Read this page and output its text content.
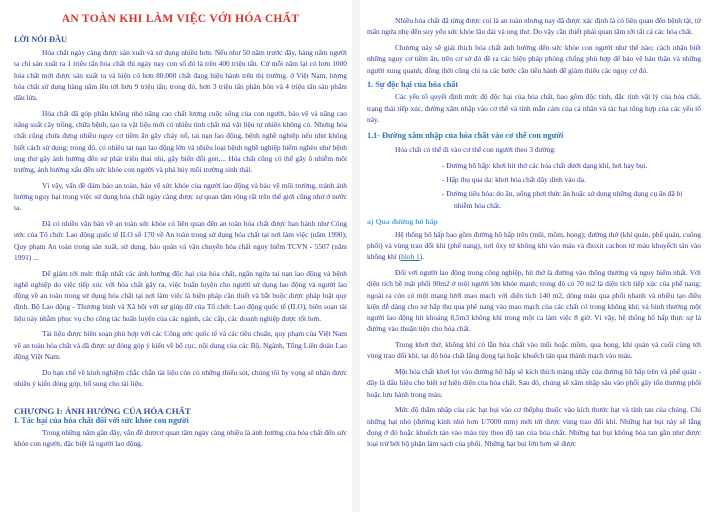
AN TOÀN KHI LÀM VIỆC VỚI HÓA CHẤT
LỜI NÓI ĐẦU

Hóa chất ngày càng được sản xuất và sử dụng nhiều hơn. Nếu như 50 năm trước đây, hàng năm người ta chỉ sản xuất ra 1 triệu tấn hóa chất thì ngày nay con số đó là trên 400 triệu tấn. Cứ mỗi năm lại có hơn 1000 hóa chất mới được sản xuất ra và hiện có hơn 80.000 chất đang hiện hành trên thị trường. ở Việt Nam, lượng hóa chất sử dụng hàng năm lên tới hơn 9 triệu tấn; trong đó, hơn 3 triệu tấn phân bón và 4 triệu tấn sản phẩm dầu lửa.

Hóa chất đã góp phần không nhỏ nâng cao chất lượng cuộc sống của con người, bảo vệ và nâng cao năng suất cây trồng, chữa bệnh, tạo ra vật liệu mới có nhiều tính chất mà vật liệu tự nhiên không có. Nhưng hóa chất cũng chứa đựng nhiều nguy cơ tiềm ẩn gây cháy nổ, tai nạn lao động, bệnh nghề nghiệp nếu như không biết cách sử dụng; trong đó, có nhiều tai nạn lao động lớn và nhiều loại bệnh nghề nghiệp hiểm nghèo như bệnh ung thư gây ảnh hưởng đến sự phát triển thai nhi, gây biến đổi gen,... Hóa chất cũng có thể gây ô nhiễm môi trường, ảnh hưởng xấu đến sức khỏe con người và phá hủy môi trường sinh thái.

Vì vậy, vấn đề đảm bảo an toàn, bảo vệ sức khỏe của người lao động và bảo vệ môi trường, tránh ảnh hưởng nguy hại trong việc sử dụng hóa chất ngày càng được sự quan tâm rộng rãi trên thế giới cũng như ở nước ta.

Đã có nhiều văn bản về an toàn sức khỏe có liên quan đến an toàn hóa chất được ban hành như Công ước của Tổ chức Lao động quốc tế ILO số 170 về An toàn trong sử dụng hóa chất tại nơi làm việc (năm 1990); Quy phạm An toàn trong sản xuất, sử dụng, bảo quản và vận chuyển hóa chất nguy hiểm TCVN - 5507 (năm 1991) ...

Để giảm tới mức thấp nhất các ảnh hưởng độc hại của hóa chất, ngăn ngừa tai nạn lao động và bệnh nghề nghiệp do việc tiếp xúc với hóa chất gây ra, việc huấn luyện cho người sử dụng lao động và người lao động về an toàn trong sử dụng hóa chất tại nơi làm việc là biện pháp cần thiết và bắt buộc được pháp luật quy định. Bộ Lao động - Thương binh và Xã hội với sự giúp đỡ của Tổ chức Lao động quốc tế (ILO), biên soạn tài liệu này nhằm phục vụ cho công tác huấn luyện của các ngành, các cấp, các doanh nghiệp được tốt hơn.

Tài liệu được biên soạn phù hợp với các Công ước quốc tế và các tiêu chuẩn, quy phạm của Việt Nam về an toàn hóa chất và đã được sự đóng góp ý kiến về bố cục, nội dung của các Bộ, Ngành, Tổng Liên đoàn Lao động Việt Nam.

Do hạn chế về kinh nghiệm chắc chắn tài liệu còn có những thiếu sót, chúng tôi hy vọng sẽ nhận được nhiều ý kiến đóng góp, bổ sung cho tài liệu.

CHƯƠNG I: ẢNH HƯỞNG CỦA HÓA CHẤT
I. Tác hại của hóa chất đối với sức khỏe con người

Trong những năm gần đây, vấn đề đượcơ quan tâm ngày càng nhiều là ảnh hưởng của hóa chất đến sức khỏe con người, đặc biệt là người lao động.

Nhiều hóa chất đã từng được coi là an toàn nhưng nay đã được xác định là có liên quan đến bệnh tật, từ mẩn ngứa nhẹ đến suy yếu sức khỏe lâu dài và ung thư. Do vậy cần thiết phải quan tâm tới tất cả các hóa chất.

Chương này sẽ giải thích hóa chất ảnh hưởng đến sức khỏe con người như thế nào; cách nhận biết những nguy cơ tiềm ẩn, trên cơ sở đó đề ra các biện pháp phòng chống phù hợp để bảo vệ bản thân và những người xung quanh; đồng thời cũng chỉ ra các bước cần tiến hành để giảm thiểu các nguy cơ đó.

1. Sự độc hại của hóa chất

Các yếu tố quyết định mức độ độc hại của hóa chất, bao gồm độc tính, đặc tính vật lý của hóa chất, trạng thái tiếp xúc, đường xâm nhập vào cơ thể và tính mẫn cảm của cá nhân và tác hại tổng hợp của các yếu tố này.

1.1- Đường xâm nhập của hóa chất vào cơ thể con người

Hóa chất có thể đi vào cơ thể con người theo 3 đường:

- Đường hô hấp: khơi hít thở các hóa chất dưới dạng khí, hơi hay bụi.

- Hấp thụ qua da: khơi hóa chất dây dính vào da.

- Đường tiêu hóa: do ăn, uống phơi thức ăn hoặc sử dụng những dụng cụ ăn đã bị nhiễm hóa chất.

a) Qua đường hô hấp

Hệ thống hô hấp bao gồm đường hô hấp trên (mũi, mồm, họng); đường thở (khí quản, phế quản, cuống phổi) và vùng trao đổi khí (phế nang), nơi ôxy từ không khí vào máu và đioxit cacbon từ máu khuyếch tán vào không khí (hình 1).

Đối với người lao động trong công nghiệp, hít thở là đường vào thông thường và nguy hiểm nhất. Với diện tích bề mặt phổi 90m2 ở một người lớn khỏe mạnh; trong đó có 70 m2 là diện tích tiếp xúc của phế nang; ngoài ra còn có một mạng lưới mao mạch với diện tích 140 m2, dòng máu qua phổi nhanh và nhiều tạo điều kiện dễ dàng cho sự hấp thu qua phế nang vào mao mạch của các chất có trong không khí; và bình thường một người lao động hít khoảng 8,5m3 không khí trong một ca làm việc 8 giờ. Vì vậy, hệ thống hô hấp thực sự là đường vào thuận tiện cho hóa chất.

Trong khơi thở, không khí có lẫn hóa chất vào mũi hoặc mồm, qua họng, khí quản và cuối cùng tới vùng trao đổi khí, tại đó hóa chất lắng đọng lại hoặc khuếch tán qua thành mạch vào máu.

Một hóa chất khơi lọt vào đường hô hấp sẽ kích thích màng nhầy của đường hô hấp trên và phế quản - đây là dấu hiệu cho biết sự hiện diện của hóa chất. Sau đó, chúng sẽ xâm nhập sâu vào phổi gây tổn thương phổi hoặc lưu hành trong máu.

Mức độ thâm nhập của các hạt bụi vào cơ thểphụ thuộc vào kích thước hạt và tính tan của chúng. Chỉ những hạt nhỏ (đường kính nhỏ hơn 1/7000 mm) mới tới được vùng trao đổi khí. Những hạt bụi này sẽ lắng đọng ở đó hoặc khuếch tán vào máu tùy theo độ tan của hóa chất. Những hạt bụi không hòa tan gần như được loại trừ bởi bộ phận làm sạch của phổi. Những hạt bụi lớn hơn sẽ được
